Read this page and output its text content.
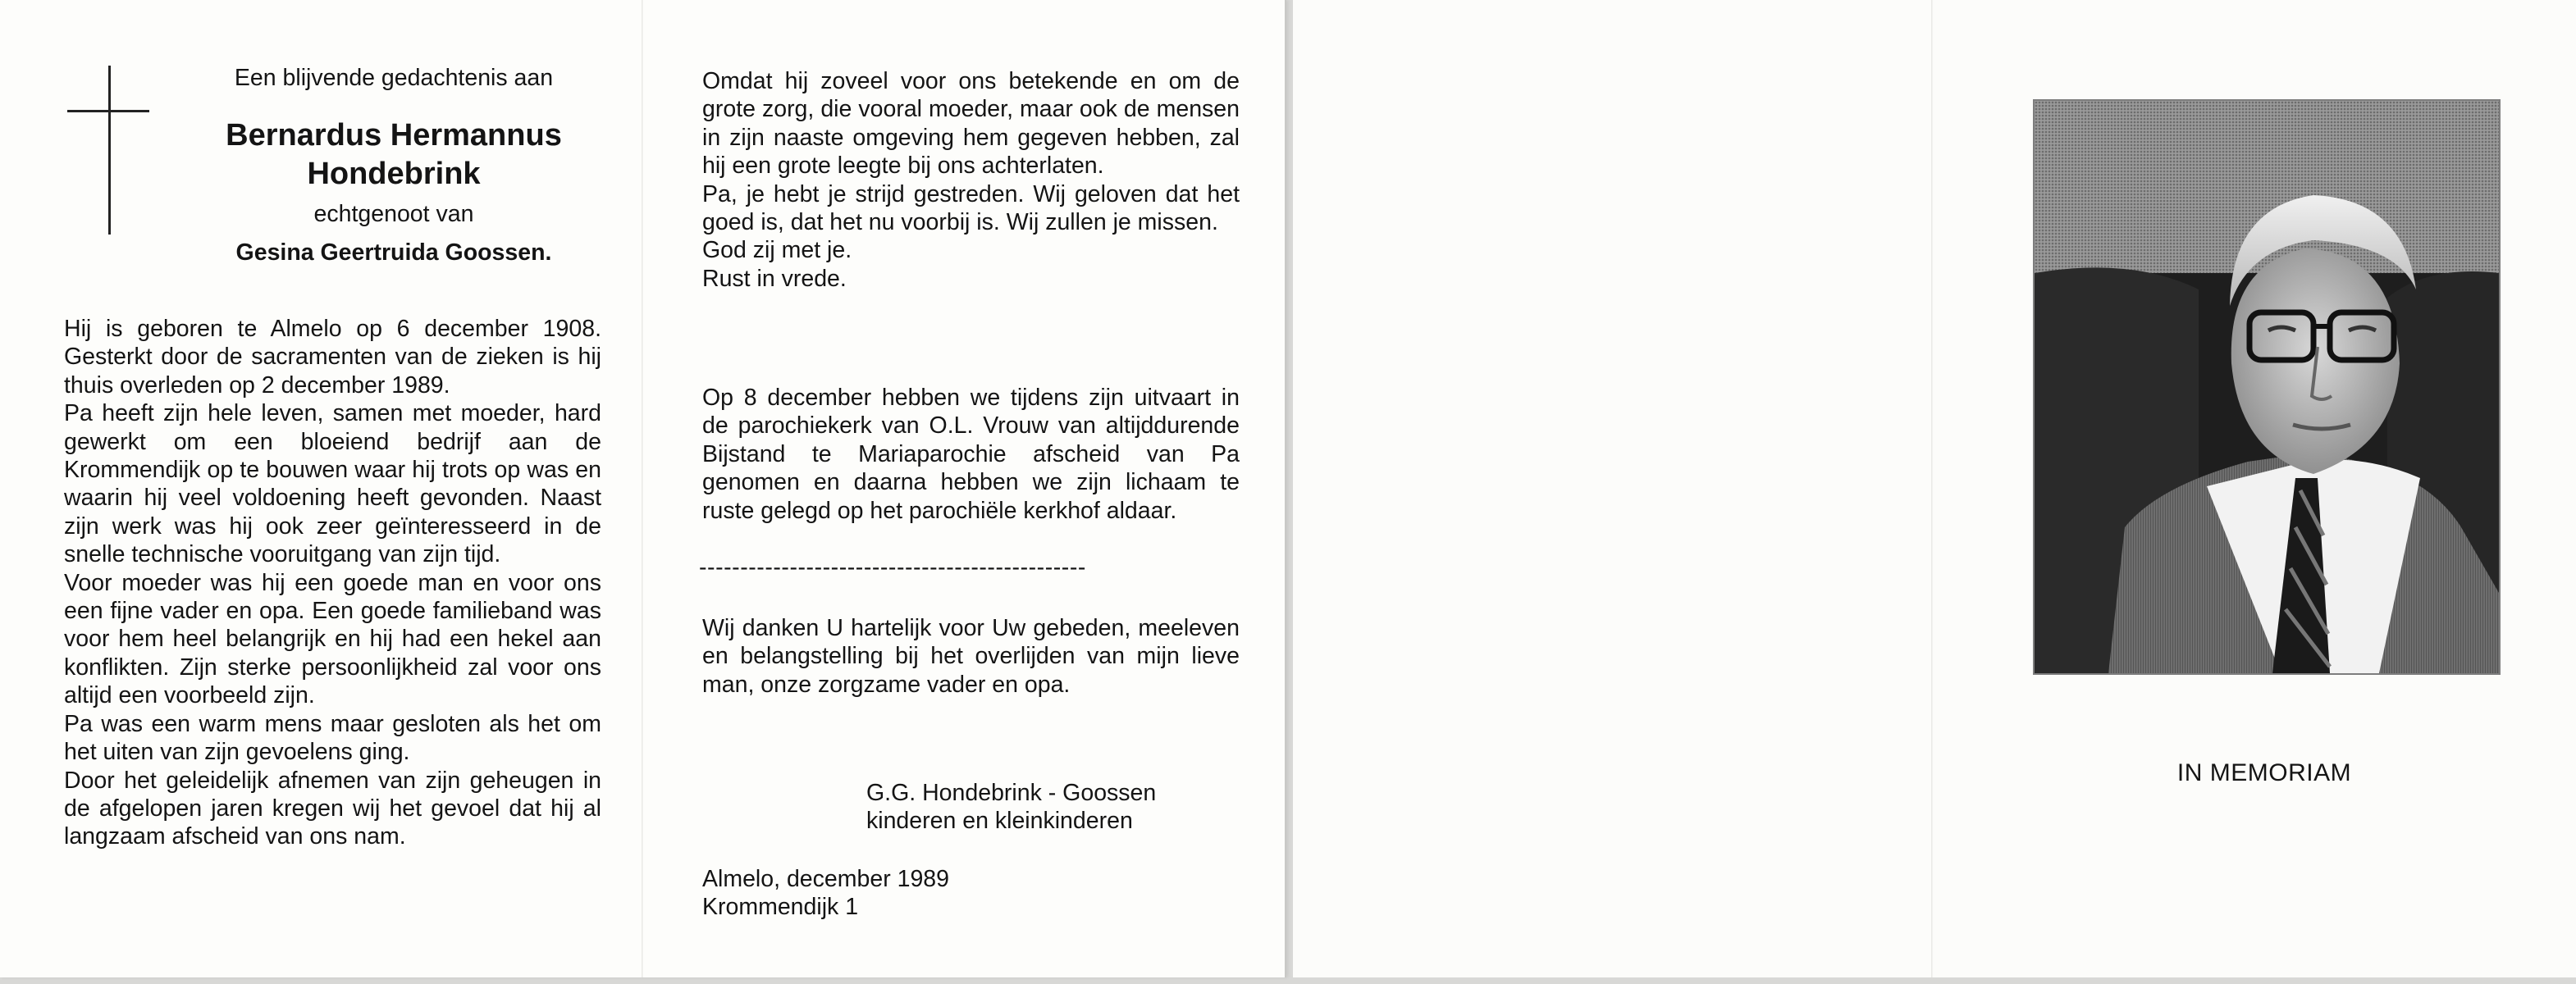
Een blijvende gedachtenis aan
Bernardus Hermannus
Hondebrink
echtgenoot van
Gesina Geertruida Goossen.

Hij is geboren te Almelo op 6 december 1908. Gesterkt door de sacramenten van de zieken is hij thuis overleden op 2 december 1989.

Pa heeft zijn hele leven, samen met moeder, hard gewerkt om een bloeiend bedrijf aan de Krommendijk op te bouwen waar hij trots op was en waarin hij veel voldoening heeft gevonden. Naast zijn werk was hij ook zeer geïnteresseerd in de snelle technische vooruitgang van zijn tijd.

Voor moeder was hij een goede man en voor ons een fijne vader en opa. Een goede familieband was voor hem heel belangrijk en hij had een hekel aan konflikten. Zijn sterke persoonlijkheid zal voor ons altijd een voorbeeld zijn.

Pa was een warm mens maar gesloten als het om het uiten van zijn gevoelens ging.

Door het geleidelijk afnemen van zijn geheugen in de afgelopen jaren kregen wij het gevoel dat hij al langzaam afscheid van ons nam.

Omdat hij zoveel voor ons betekende en om de grote zorg, die vooral moeder, maar ook de mensen in zijn naaste omgeving hem gegeven hebben, zal hij een grote leegte bij ons achterlaten.

Pa, je hebt je strijd gestreden. Wij geloven dat het goed is, dat het nu voorbij is. Wij zullen je missen.

God zij met je.

Rust in vrede.

Op 8 december hebben we tijdens zijn uitvaart in de parochiekerk van O.L. Vrouw van altijddurende Bijstand te Mariaparochie afscheid van Pa genomen en daarna hebben we zijn lichaam te ruste gelegd op het parochiële kerkhof aldaar.
-----------------------------------------------
Wij danken U hartelijk voor Uw gebeden, meeleven en belangstelling bij het overlijden van mijn lieve man, onze zorgzame vader en opa.
G.G. Hondebrink - Goossen
kinderen en kleinkinderen
Almelo, december 1989
Krommendijk 1
IN MEMORIAM
